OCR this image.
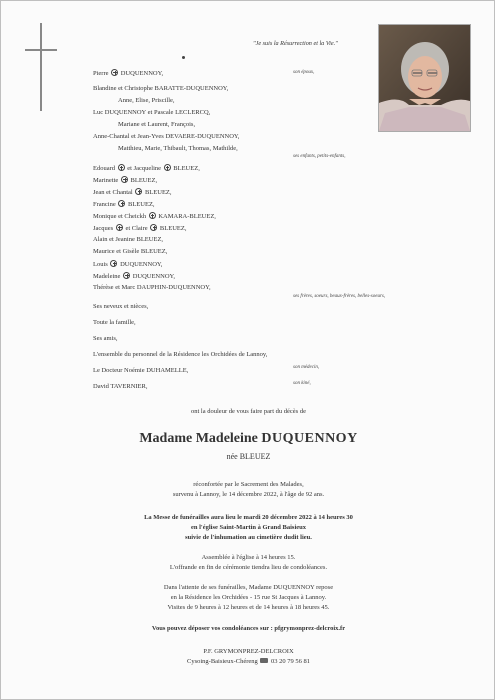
"Je suis la Résurrection et la Vie."
Pierre  DUQUENNOY,
Blandine et Christophe BARATTE-DUQUENNOY,
Anne, Elise, Priscille,
Luc DUQUENNOY et Pascale LECLERCQ,
Mariane et Laurent, François,
Anne-Chantal et Jean-Yves DEVAERE-DUQUENNOY,
Matthieu, Marie, Thibault, Thomas, Mathilde,
Edouard  et Jacqueline  BLEUEZ,
Marinette  BLEUEZ,
Jean et Chantal  BLEUEZ,
Francine  BLEUEZ,
Monique et Cheickh  KAMARA-BLEUEZ,
Jacques  et Claire  BLEUEZ,
Alain et Jeanine BLEUEZ,
Maurice et Gisèle BLEUEZ,
Louis  DUQUENNOY,
Madeleine  DUQUENNOY,
Thérèse et Marc DAUPHIN-DUQUENNOY,
Ses neveux et nièces,
Toute la famille,
Ses amis,
L'ensemble du personnel de la Résidence les Orchidées de Lannoy,
Le Docteur Noémie DUHAMELLE,
David TAVERNIER,
son époux,
ses enfants, petits-enfants,
ses frères, soeurs, beaux-frères, belles-soeurs,
son médecin,
son kiné,
ont la douleur de vous faire part du décès de
Madame Madeleine DUQUENNOY
née BLEUEZ
réconfortée par le Sacrement des Malades,
survenu à Lannoy, le 14 décembre 2022, à l'âge de 92 ans.
La Messe de funérailles aura lieu le mardi 20 décembre 2022 à 14 heures 30
en l'église Saint-Martin à Grand Baisieux
suivie de l'inhumation au cimetière dudit lieu.
Assemblée à l'église à 14 heures 15.
L'offrande en fin de cérémonie tiendra lieu de condoléances.
Dans l'attente de ses funérailles, Madame DUQUENNOY repose
en la Résidence les Orchidées - 15 rue St Jacques à Lannoy.
Visites de 9 heures à 12 heures et de 14 heures à 18 heures 45.
Vous pouvez déposer vos condoléances sur : pfgrymonprez-delcroix.fr
P.F. GRYMONPREZ-DELCROIX
Cysoing-Baisieux-Chéreng 03 20 79 56 81
